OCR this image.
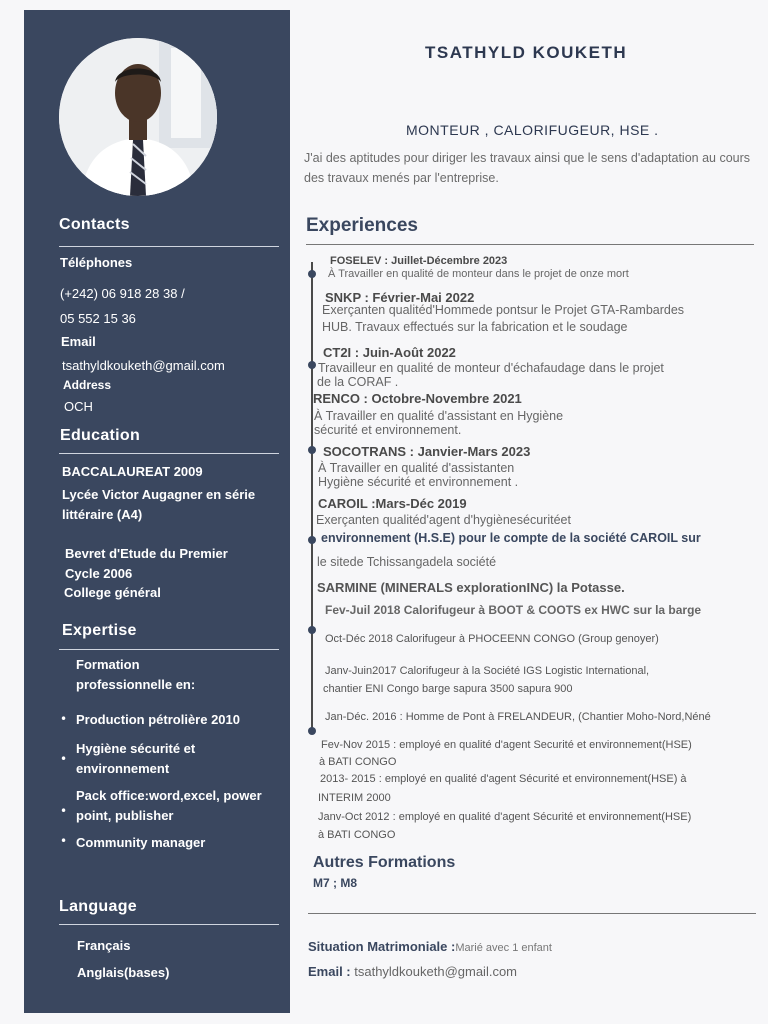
Contacts
Téléphones
(+242) 06 918 28 38 /
05 552 15 36
Email
tsathyldkouketh@gmail.com
Address
OCH
Education
BACCALAUREAT 2009
Lycée Victor Augagner en série
littéraire (A4)
Bevret d'Etude du Premier
Cycle 2006
College général
Expertise
Formation
professionnelle en:
• Production pétrolière 2010
•
Hygiène sécurité et
environnement
•
Pack office:word,excel, power
point, publisher
• Community manager
Language
Français
Anglais(bases)
TSATHYLD KOUKETH
MONTEUR , CALORIFUGEUR, HSE .
J'ai des aptitudes pour diriger les travaux ainsi que le sens d'adaptation au cours des travaux menés par l'entreprise.
Experiences
FOSELEV : Juillet-Décembre 2023
À Travailler en qualité de monteur dans le projet de onze mort
SNKP : Février-Mai 2022
Exerçanten qualitéd'Hommede pontsur le Projet GTA-Rambardes
HUB. Travaux effectués sur la fabrication et le soudage
CT2I : Juin-Août 2022
Travailleur en qualité de monteur d'échafaudage dans le projet
de la CORAF .
RENCO : Octobre-Novembre 2021
À Travailler en qualité d'assistant en Hygiène
sécurité et environnement.
SOCOTRANS : Janvier-Mars 2023
À Travailler en qualité d'assistanten
Hygiène sécurité et environnement .
CAROIL :Mars-Déc 2019
Exerçanten qualitéd'agent d'hygiènesécuritéet
environnement (H.S.E) pour le compte de la société CAROIL sur
le sitede Tchissangadela société
SARMINE (MINERALS explorationINC) la Potasse.
Fev-Juil 2018 Calorifugeur à BOOT & COOTS ex HWC sur la barge
Oct-Déc 2018 Calorifugeur à PHOCEENN CONGO (Group genoyer)
Janv-Juin2017 Calorifugeur à la Société IGS Logistic International,
chantier ENI Congo barge sapura 3500 sapura 900
Jan-Déc. 2016 : Homme de Pont à FRELANDEUR, (Chantier Moho-Nord,Néné
Fev-Nov 2015 : employé en qualité d'agent Securité et environnement(HSE)
à BATI CONGO
2013- 2015 : employé en qualité d'agent Sécurité et environnement(HSE) à
INTERIM 2000
Janv-Oct 2012 : employé en qualité d'agent Sécurité et environnement(HSE)
à BATI CONGO
Autres Formations
M7 ; M8
Situation Matrimoniale :Marié avec 1 enfant
Email : tsathyldkouketh@gmail.com
